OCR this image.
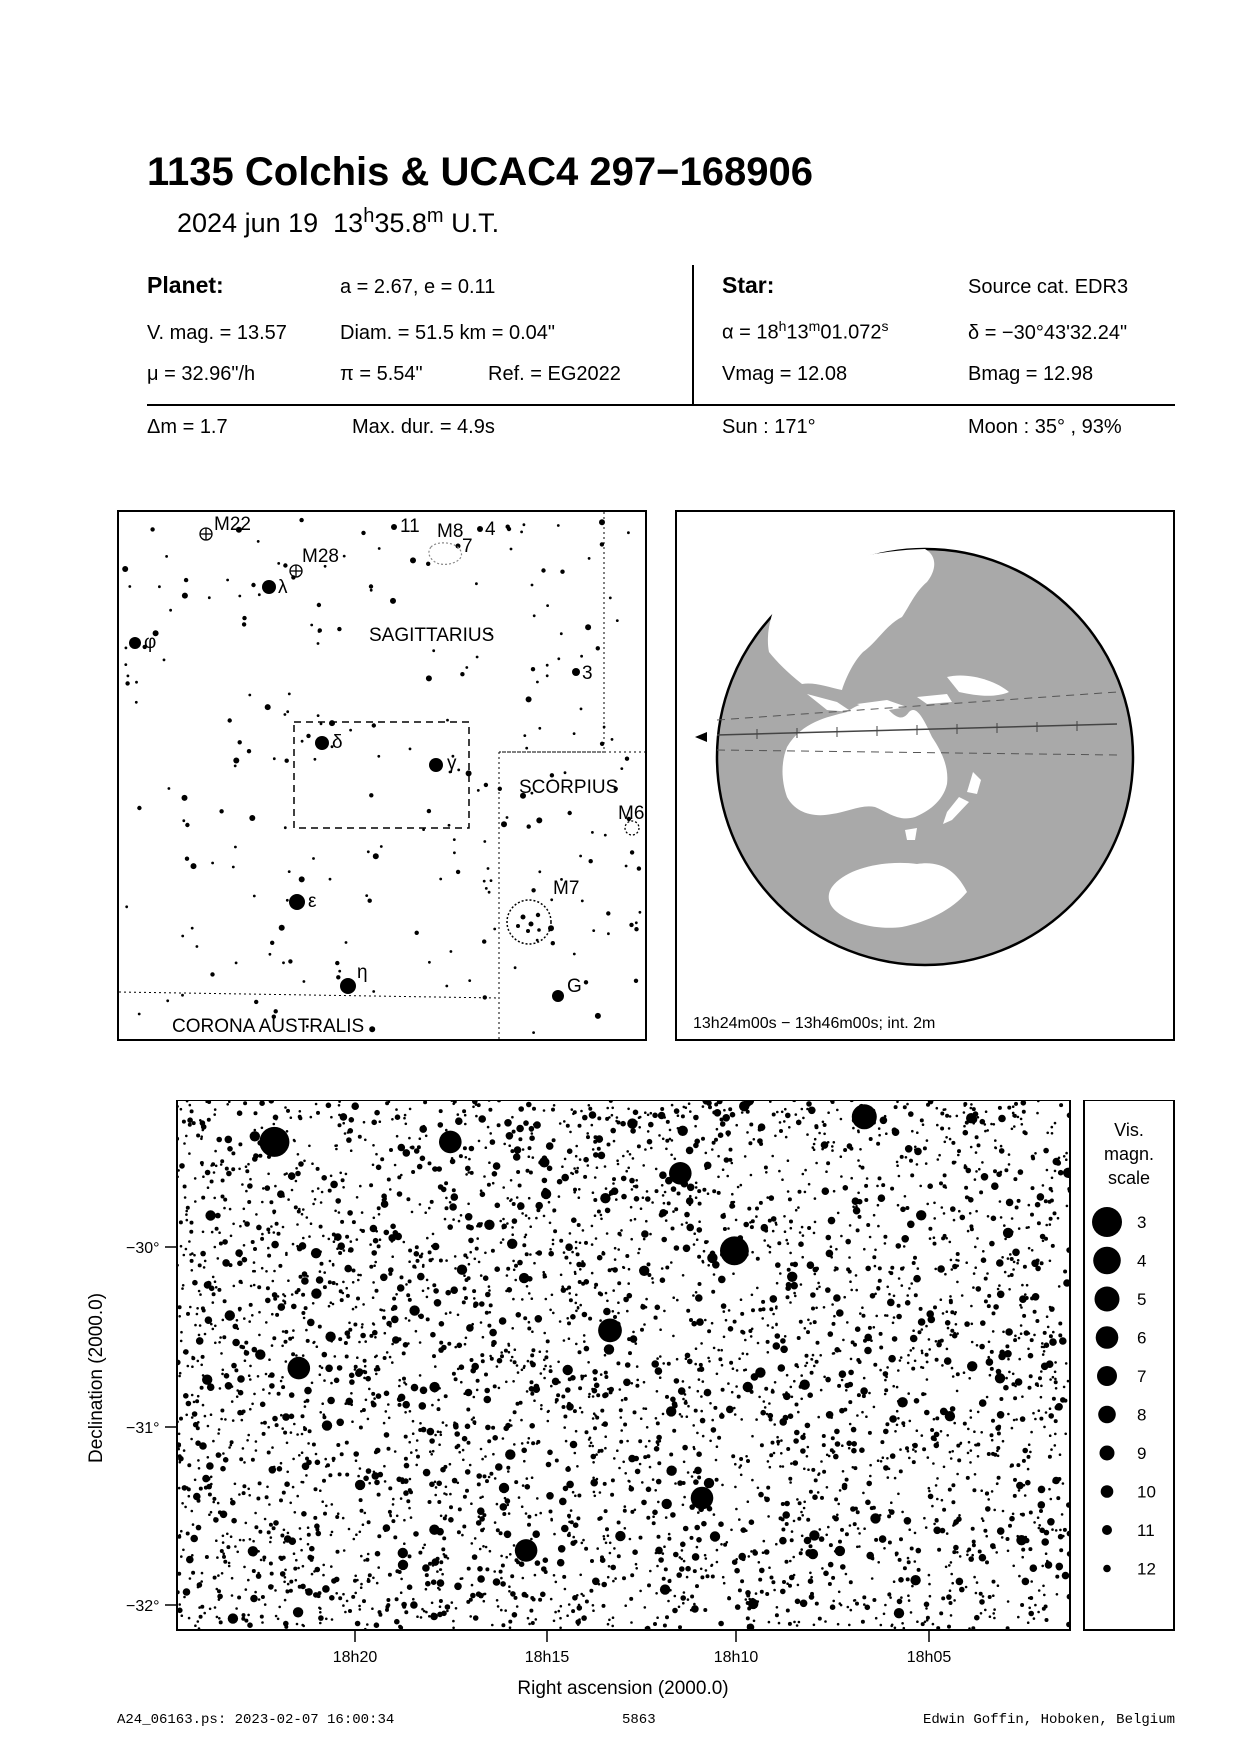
1135 Colchis & UCAC4 297−168906
2024 jun 19 13$^h$35.8$^m$ U.T.
Planet:	a = 2.67, e = 0.11
V. mag. = 13.57	Diam. = 51.5 km = 0.04"
μ = 32.96"/h	π = 5.54"	Ref. = EG2022
Δm = 1.7	Max. dur. = 4.9s
Star:	Source cat. EDR3
$\alpha = 18^h13^m01.072^s$	δ = −30°43'32.24"
Vmag = 12.08	Bmag = 12.98
Sun : 171°	Moon : 35° , 93%
M22
M28
11 M8
7
4
λ
φ	SAGITTARIUS
3
δ
γ
SCORPIUS
M6
M7
ε
η
G
CORONA AUSTRALIS	13h24m00s − 13h46m00s; int. 2m
−30°
−31°
−32°
18h20	18h15	18h10	18h05
Right ascension (2000.0)
Declination (2000.0)
Vis.
magn.
scale
3
4
5
6
7
8
9
10
11
12
A24_06163.ps: 2023-02-07 16:00:34	5863	Edwin Goffin, Hoboken, Belgium
